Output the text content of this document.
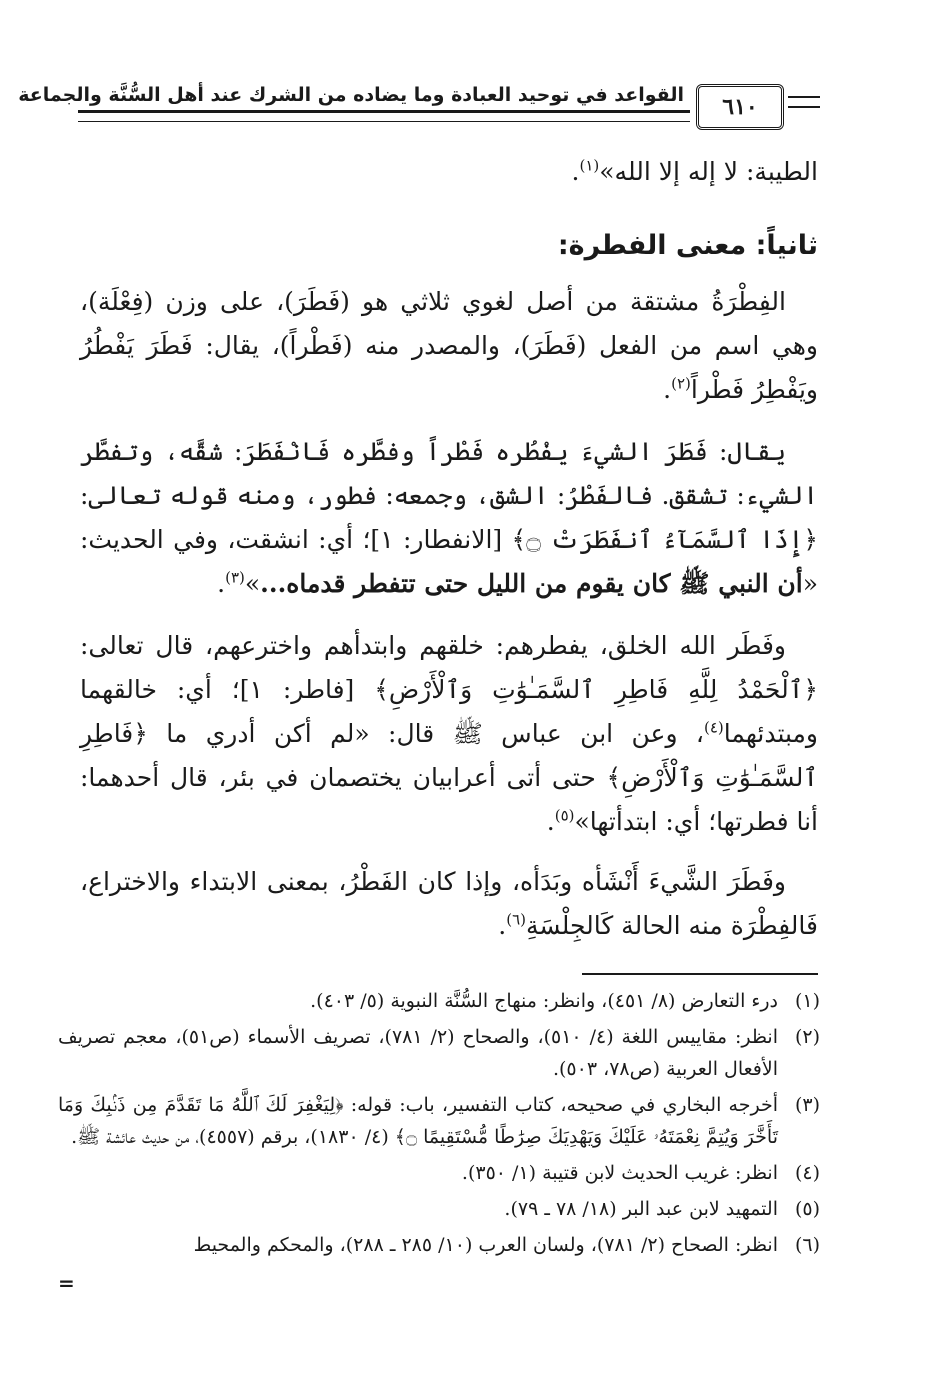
٦١٠
القواعد في توحيد العبادة وما يضاده من الشرك عند أهل السُّنَّة والجماعة

الطيبة: لا إله إلا الله»$^{(١)}$.

ثانياً: معنى الفطرة:

الفِطْرَةُ مشتقة من أصل لغوي ثلاثي هو (فَطَرَ)، على وزن (فِعْلَة)، وهي اسم من الفعل (فَطَرَ)، والمصدر منه (فَطْراً)، يقال: فَطَرَ يَفْطُرُ ويَفْطِرُ فَطْراً$^{(٢)}$.

يقال: فَطَرَ الشيءَ يفْطُره فَطْراً وفطَّره فَانْفَطَرَ: شقَّه، وتفطَّر الشيء: تشقق. فالفَطْرُ: الشق، وجمعه: فطور، ومنه قوله تعالى: ﴿إِذَا ٱلسَّمَآءُ ٱنفَطَرَتْ ۝﴾ [الانفطار: ١]؛ أي: انشقت، وفي الحديث: «أن النبي ﷺ كان يقوم من الليل حتى تتفطر قدماه...»$^{(٣)}$.

وفَطَر الله الخلق، يفطرهم: خلقهم وابتدأهم واخترعهم، قال تعالى: ﴿ٱلْحَمْدُ لِلَّهِ فَاطِرِ ٱلسَّمَـٰوَٰتِ وَٱلْأَرْضِ﴾ [فاطر: ١]؛ أي: خالقهما ومبتدئهما$^{(٤)}$، وعن ابن عباس ﷺ قال: «لم أكن أدري ما ﴿فَاطِرِ ٱلسَّمَـٰوَٰتِ وَٱلْأَرْضِ﴾ حتى أتى أعرابيان يختصمان في بئر، قال أحدهما: أنا فطرتها؛ أي: ابتدأتها»$^{(٥)}$.

وفَطَرَ الشَّيءَ أَنْشَأه وبَدَأه، وإذا كان الفَطْرُ، بمعنى الابتداء والاختراع، فَالفِطْرَة منه الحالة كَالجِلْسَةِ$^{(٦)}$.

(١)
درء التعارض (٨/ ٤٥١)، وانظر: منهاج السُّنَّة النبوية (٥/ ٤٠٣).
(٢)
انظر: مقاييس اللغة (٤/ ٥١٠)، والصحاح (٢/ ٧٨١)، تصريف الأسماء (ص٥١)، معجم تصريف الأفعال العربية (ص٧٨، ٥٠٣).
(٣)
أخرجه البخاري في صحيحه، كتاب التفسير، باب: قوله: ﴿لِيَغْفِرَ لَكَ ٱللَّهُ مَا تَقَدَّمَ مِن ذَنۢبِكَ وَمَا تَأَخَّرَ وَيُتِمَّ نِعْمَتَهُۥ عَلَيْكَ وَيَهْدِيَكَ صِرَٰطًا مُّسْتَقِيمًا ۝﴾ (٤/ ١٨٣٠)، برقم (٤٥٥٧)، من حديث عائشة ﷺ.
(٤)
انظر: غريب الحديث لابن قتيبة (١/ ٣٥٠).
(٥)
التمهيد لابن عبد البر (١٨/ ٧٨ ـ ٧٩).
(٦)
انظر: الصحاح (٢/ ٧٨١)، ولسان العرب (١٠/ ٢٨٥ ـ ٢٨٨)، والمحكم والمحيط
=
